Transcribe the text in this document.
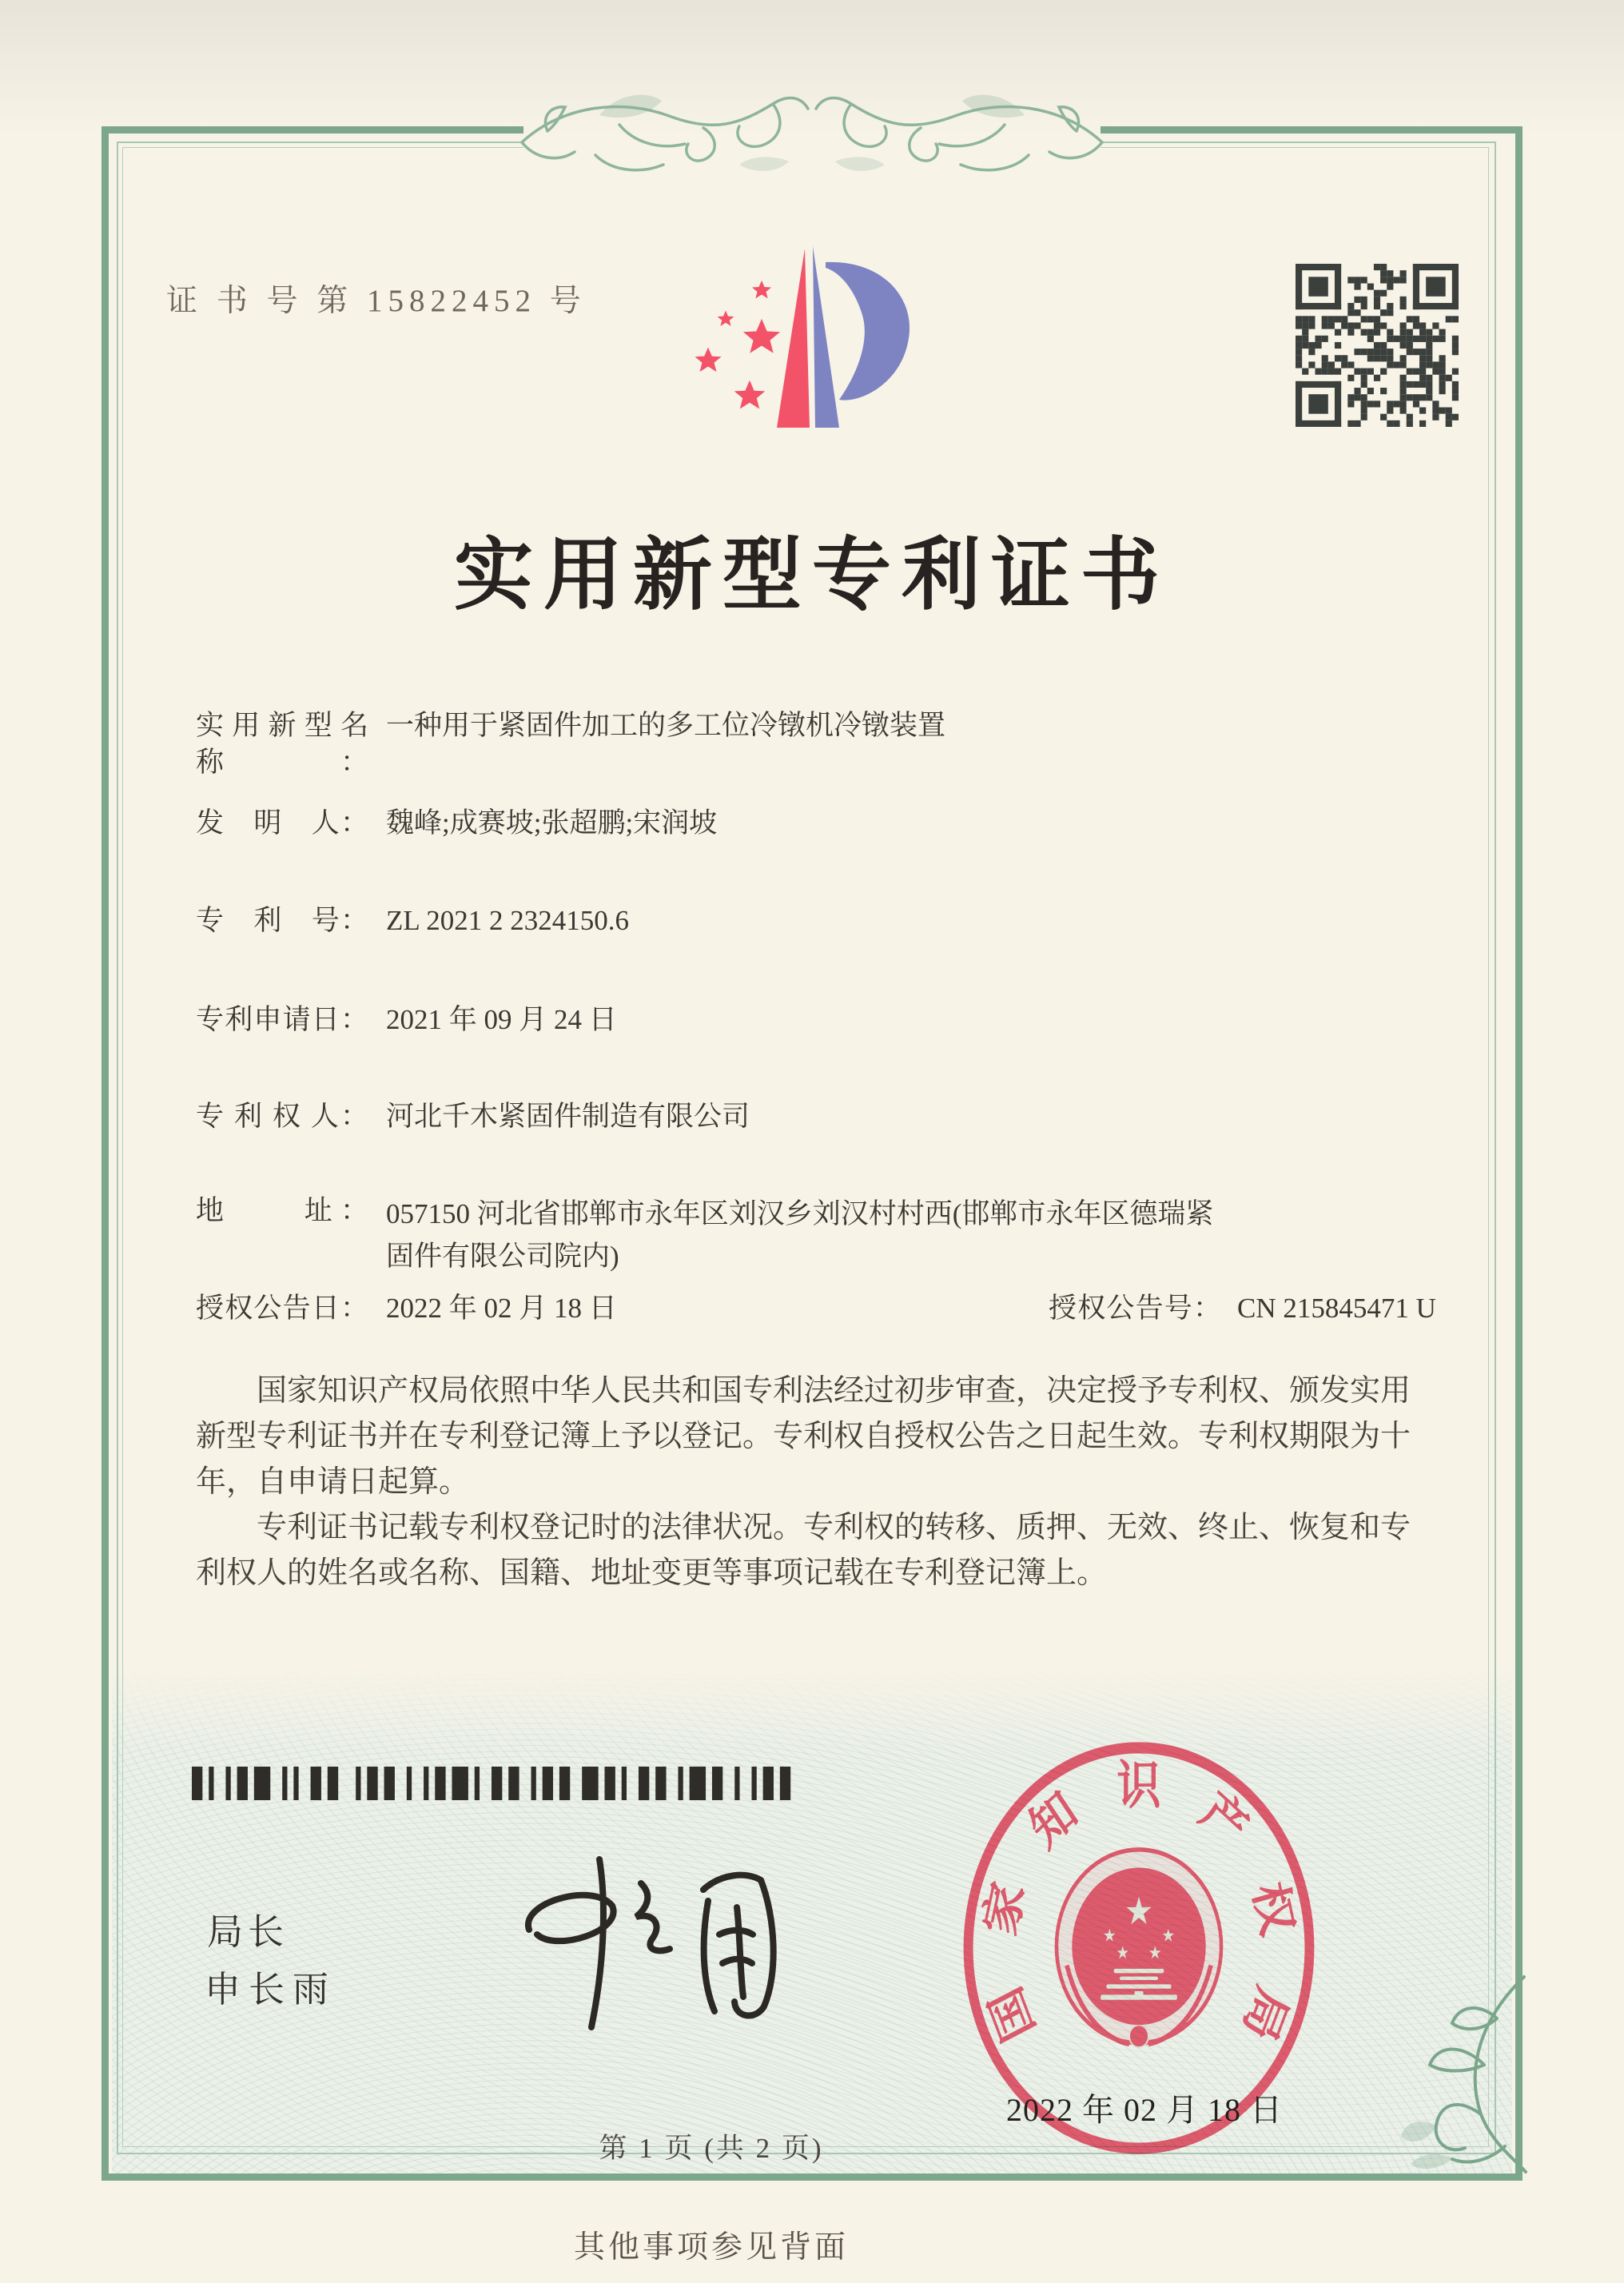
证 书 号 第 15822452 号
实用新型专利证书
实用新型名称：
一种用于紧固件加工的多工位冷镦机冷镦装置
发　明　人： 魏峰;成赛坡;张超鹏;宋润坡
专　利　号： ZL 2021 2 2324150.6
专利申请日： 2021 年 09 月 24 日
专 利 权 人： 河北千木紧固件制造有限公司
地　　址： 057150 河北省邯郸市永年区刘汉乡刘汉村村西(邯郸市永年区德瑞紧固件有限公司院内)
授权公告日： 2022 年 02 月 18 日	授权公告号： CN 215845471 U

国家知识产权局依照中华人民共和国专利法经过初步审查，决定授予专利权、颁发实用新型专利证书并在专利登记簿上予以登记。专利权自授权公告之日起生效。专利权期限为十年，自申请日起算。

专利证书记载专利权登记时的法律状况。专利权的转移、质押、无效、终止、恢复和专利权人的姓名或名称、国籍、地址变更等事项记载在专利登记簿上。

局长
申长雨	国
家
知 识 产
权
局
★
★	★
★ ★
2022 年 02 月 18 日
第 1 页 (共 2 页)
其他事项参见背面
